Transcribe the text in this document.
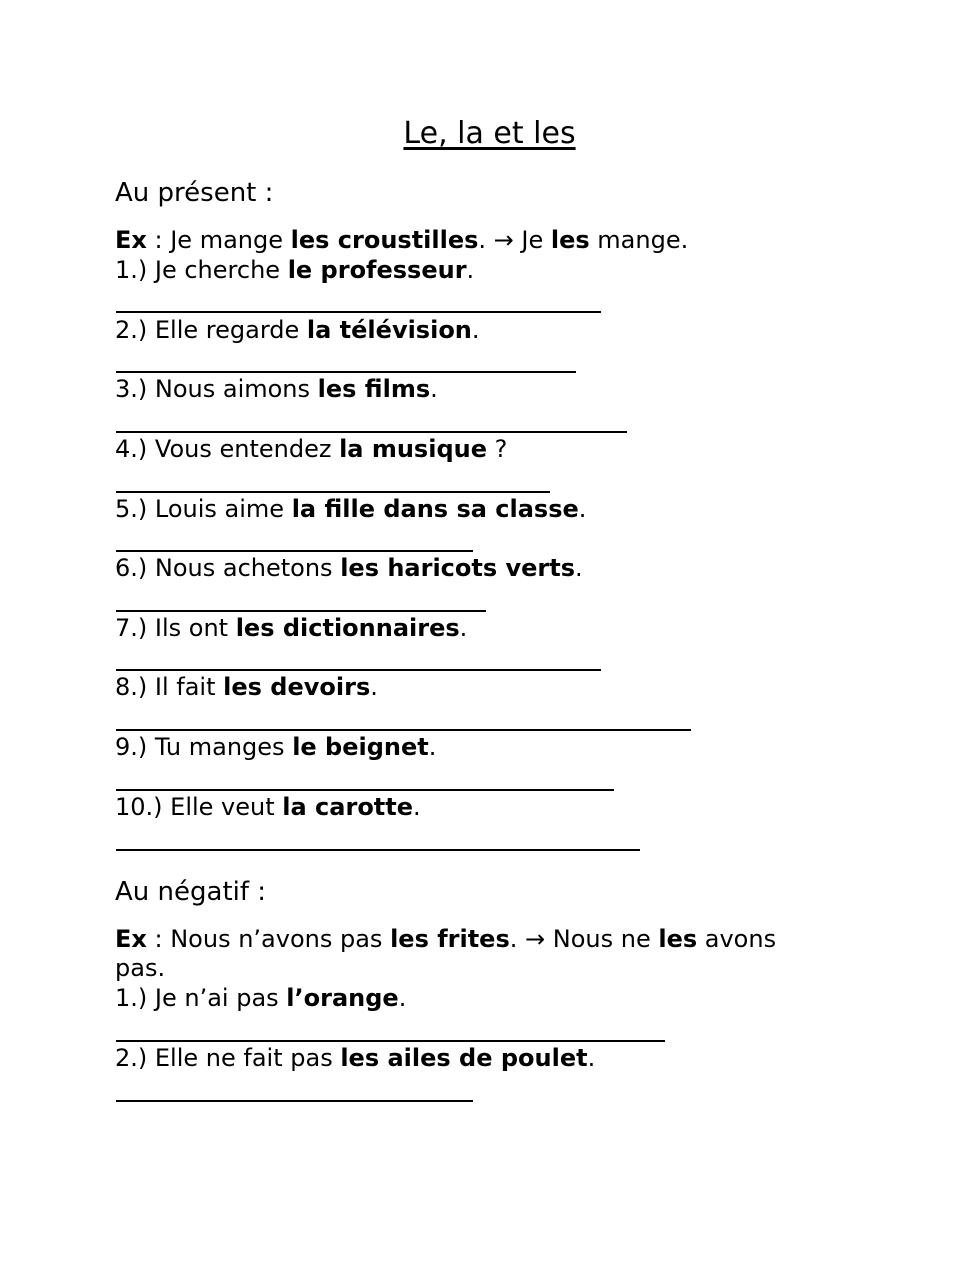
Le, la et les
Au présent :
Ex : Je mange les croustilles. → Je les mange.
1.) Je cherche le professeur.
2.) Elle regarde la télévision.
3.) Nous aimons les films.
4.) Vous entendez la musique ?
5.) Louis aime la fille dans sa classe.
6.) Nous achetons les haricots verts.
7.) Ils ont les dictionnaires.
8.) Il fait les devoirs.
9.) Tu manges le beignet.
10.) Elle veut la carotte.
Au négatif :
Ex : Nous n’avons pas les frites. → Nous ne les avons
pas.
1.) Je n’ai pas l’orange.
2.) Elle ne fait pas les ailes de poulet.
